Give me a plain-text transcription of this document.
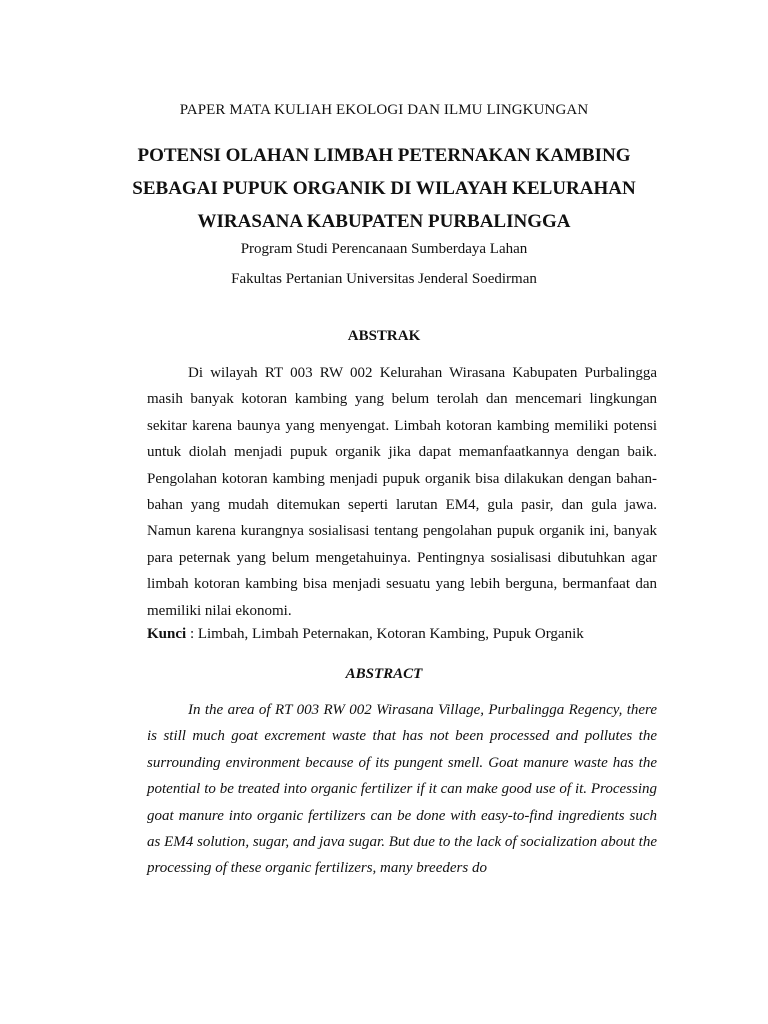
PAPER MATA KULIAH EKOLOGI DAN ILMU LINGKUNGAN
POTENSI OLAHAN LIMBAH PETERNAKAN KAMBING
SEBAGAI PUPUK ORGANIK DI WILAYAH KELURAHAN
WIRASANA KABUPATEN PURBALINGGA
Program Studi Perencanaan Sumberdaya Lahan
Fakultas Pertanian Universitas Jenderal Soedirman
ABSTRAK
Di wilayah RT 003 RW 002 Kelurahan Wirasana Kabupaten Purbalingga masih banyak kotoran kambing yang belum terolah dan mencemari lingkungan sekitar karena baunya yang menyengat. Limbah kotoran kambing memiliki potensi untuk diolah menjadi pupuk organik jika dapat memanfaatkannya dengan baik. Pengolahan kotoran kambing menjadi pupuk organik bisa dilakukan dengan bahan-bahan yang mudah ditemukan seperti larutan EM4, gula pasir, dan gula jawa. Namun karena kurangnya sosialisasi tentang pengolahan pupuk organik ini, banyak para peternak yang belum mengetahuinya. Pentingnya sosialisasi dibutuhkan agar limbah kotoran kambing bisa menjadi sesuatu yang lebih berguna, bermanfaat dan memiliki nilai ekonomi.
Kunci : Limbah, Limbah Peternakan, Kotoran Kambing, Pupuk Organik
ABSTRACT
In the area of RT 003 RW 002 Wirasana Village, Purbalingga Regency, there is still much goat excrement waste that has not been processed and pollutes the surrounding environment because of its pungent smell. Goat manure waste has the potential to be treated into organic fertilizer if it can make good use of it. Processing goat manure into organic fertilizers can be done with easy-to-find ingredients such as EM4 solution, sugar, and java sugar. But due to the lack of socialization about the processing of these organic fertilizers, many breeders do
